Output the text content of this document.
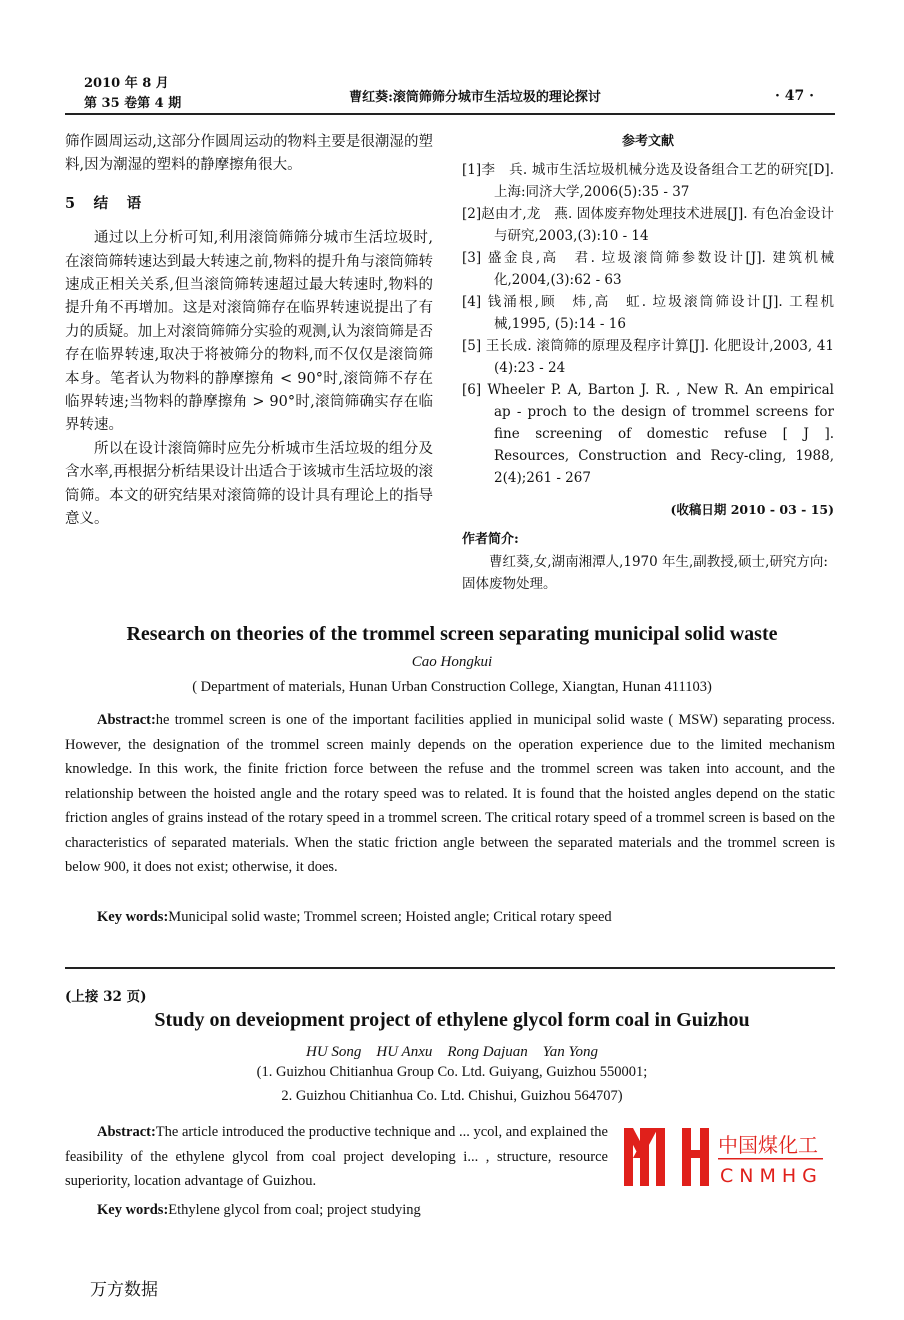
2010 年 8 月
第 35 卷第 4 期	曹红葵:滚筒筛筛分城市生活垃圾的理论探讨	· 47 ·

筛作圆周运动,这部分作圆周运动的物料主要是很潮湿的塑料,因为潮湿的塑料的静摩擦角很大。

5　结　语

通过以上分析可知,利用滚筒筛筛分城市生活垃圾时,在滚筒筛转速达到最大转速之前,物料的提升角与滚筒筛转速成正相关关系,但当滚筒筛转速超过最大转速时,物料的提升角不再增加。这是对滚筒筛存在临界转速说提出了有力的质疑。加上对滚筒筛筛分实验的观测,认为滚筒筛是否存在临界转速,取决于将被筛分的物料,而不仅仅是滚筒筛本身。笔者认为物料的静摩擦角 < 90°时,滚筒筛不存在临界转速;当物料的静摩擦角 > 90°时,滚筒筛确实存在临界转速。

所以在设计滚筒筛时应先分析城市生活垃圾的组分及含水率,再根据分析结果设计出适合于该城市生活垃圾的滚筒筛。本文的研究结果对滚筒筛的设计具有理论上的指导意义。

参考文献
[1]李　兵. 城市生活垃圾机械分选及设备组合工艺的研究[D]. 上海:同济大学,2006(5):35 - 37
[2]赵由才,龙　燕. 固体废弃物处理技术进展[J]. 有色冶金设计与研究,2003,(3):10 - 14
[3] 盛金良,高　君. 垃圾滚筒筛参数设计[J]. 建筑机械化,2004,(3):62 - 63
[4] 钱涌根,顾　炜,高　虹. 垃圾滚筒筛设计[J]. 工程机械,1995, (5):14 - 16
[5] 王长成. 滚筒筛的原理及程序计算[J]. 化肥设计,2003, 41 (4):23 - 24
[6] Wheeler P. A, Barton J. R. , New R. An empirical ap - proch to the design of trommel screens for fine screening of domestic refuse [ J ]. Resources, Construction and Recy-cling, 1988, 2(4);261 - 267
(收稿日期 2010 - 03 - 15)
作者简介:
曹红葵,女,湖南湘潭人,1970 年生,副教授,硕士,研究方向:固体废物处理。
Research on theories of the trommel screen separating municipal solid waste
Cao Hongkui
( Department of materials, Hunan Urban Construction College, Xiangtan, Hunan 411103)
Abstract:he trommel screen is one of the important facilities applied in municipal solid waste ( MSW) separating process. However, the designation of the trommel screen mainly depends on the operation experience due to the limited mechanism knowledge. In this work, the finite friction force between the refuse and the trommel screen was taken into account, and the relationship between the hoisted angle and the rotary speed was to related. It is found that the hoisted angles depend on the static friction angles of grains instead of the rotary speed in a trommel screen. The critical rotary speed of a trommel screen is based on the characteristics of separated materials. When the static friction angle between the separated materials and the trommel screen is below 900, it does not exist; otherwise, it does.
Key words:Municipal solid waste; Trommel screen; Hoisted angle; Critical rotary speed
(上接 32 页)
Study on deveiopment project of ethylene glycol form coal in Guizhou
HU Song　HU Anxu　Rong Dajuan　Yan Yong
(1. Guizhou Chitianhua Group Co. Ltd. Guiyang, Guizhou 550001;
2. Guizhou Chitianhua Co. Ltd. Chishui, Guizhou 564707)
中国煤化工
CNMHG
Abstract:The article introduced the productive technique and ... ycol, and explained the feasibility of the ethylene glycol from coal project developing i... , structure, resource superiority, location advantage of Guizhou.
Key words:Ethylene glycol from coal; project studying
万方数据
